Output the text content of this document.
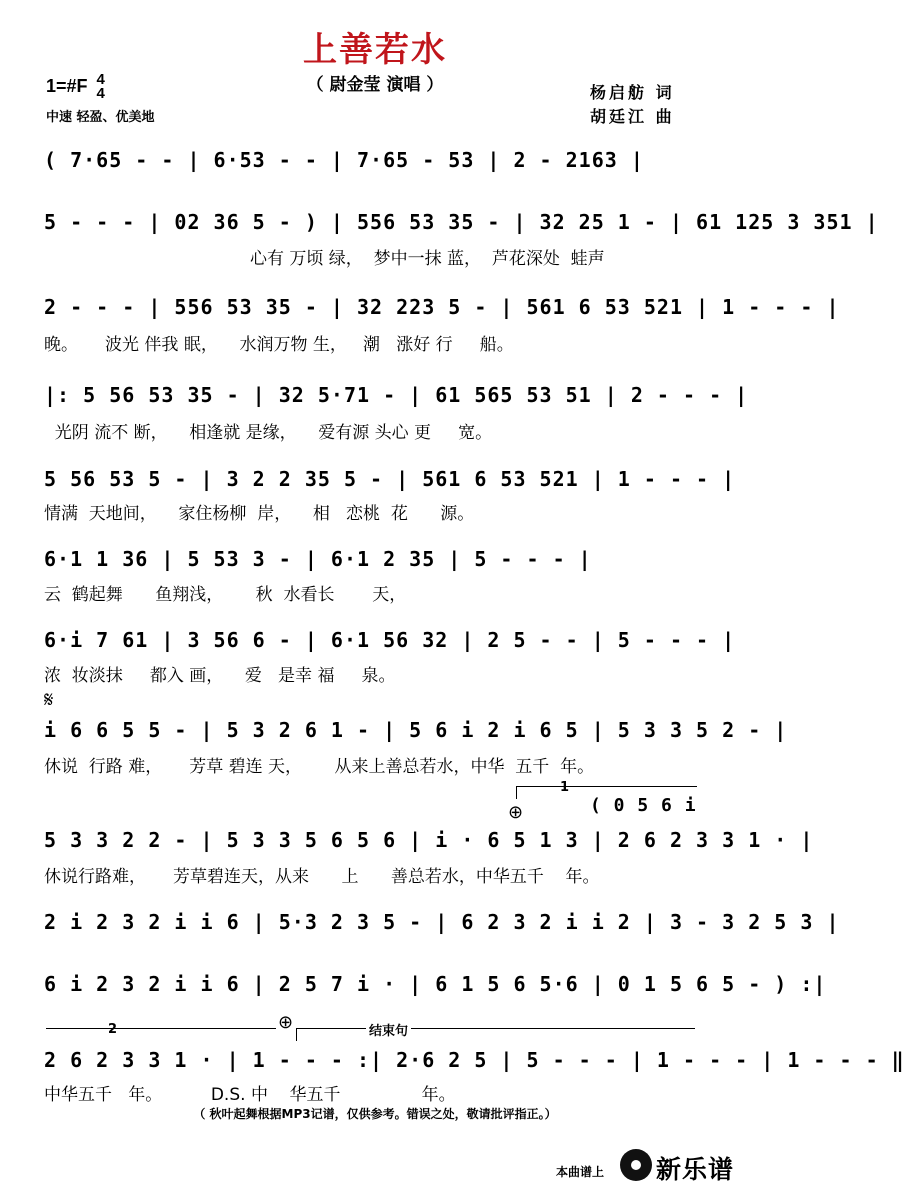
上善若水
（ 尉金莹 演唱 ）
1=#F 4
4
中速 轻盈、优美地
杨启舫 词
胡廷江 曲
( 7·65 - - | 6·53 - - | 7·65 - 53 | 2 - 2163 |
5 - - - | 02 36 5 - ) | 556 53 35 - | 32 25 1 - | 61 125 3 351 |
心有 万顷 绿，  梦中一抹 蓝，  芦花深处  蛙声
2 - - - | 556 53 35 - | 32 223 5 - | 561 6 53 521 | 1 - - - |
晚。     波光 伴我 眠，    水润万物 生，   潮   涨好 行     船。
|: 5 56 53 35 - | 32 5·71 - | 61 565 53 51 | 2 - - - |
光阴 流不 断，    相逢就 是缘，    爱有源 头心 更     宽。
5 56 53 5 - | 3 2 2 35 5 - | 561 6 53 521 | 1 - - - |
情满  天地间，    家住杨柳  岸，    相   恋桃  花      源。
6·1 1 36 | 5 53 3 - | 6·1 2 35 | 5 - - - |
云  鹤起舞      鱼翔浅，      秋  水看长       天，
6·i 7 61 | 3 56 6 - | 6·1 56 32 | 2 5 - - | 5 - - - |
浓  妆淡抹     都入 画，    爱   是幸 福     泉。
𝄋
i 6 6 5 5 - | 5 3 2 6 1 - | 5 6 i 2 i 6 5 | 5 3 3 5 2 - |
休说  行路 难，     芳草 碧连 天，      从来上善总若水，中华  五千  年。
1
⊕	( 0 5 6 i
5 3 3 2 2 - | 5 3 3 5 6 5 6 | i · 6 5 1 3 | 2 6 2 3 3 1 · |
休说行路难，     芳草碧连天，从来      上      善总若水，中华五千    年。
2 i 2 3 2 i i 6 | 5·3 2 3 5 - | 6 2 3 2 i i 2 | 3 - 3 2 5 3 |
6 i 2 3 2 i i 6 | 2 5 7 i · | 6 1 5 6 5·6 | 0 1 5 6 5 - ) :|
2	⊕	结束句
2 6 2 3 3 1 · | 1 - - - :| 2·6 2 5 | 5 - - - | 1 - - - | 1 - - - ‖
中华五千   年。         D.S. 中    华五千               年。
（ 秋叶起舞根据MP3记谱，仅供参考。错误之处，敬请批评指正。）
本曲谱上 新乐谱
